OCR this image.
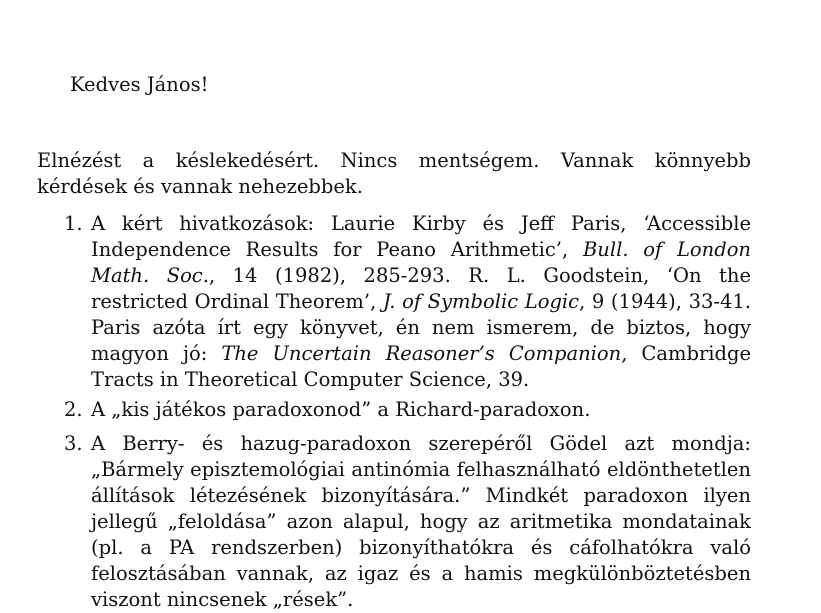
Kedves János!

Elnézést a késlekedésért. Nincs mentségem. Vannak könnyebb kérdések és vannak nehezebbek.

1. A kért hivatkozások: Laurie Kirby és Jeff Paris, ‘Accessible Independence Results for Peano Arithmetic’, Bull. of London Math. Soc., 14 (1982), 285-293. R. L. Goodstein, ‘On the restricted Ordinal Theorem’, J. of Symbolic Logic, 9 (1944), 33-41. Paris azóta írt egy könyvet, én nem ismerem, de biztos, hogy magyon jó: The Uncertain Reasoner’s Companion, Cambridge Tracts in Theoretical Computer Science, 39.
2. A „kis játékos paradoxonod” a Richard-paradoxon.
3. A Berry- és hazug-paradoxon szerepéről Gödel azt mondja: „Bármely episztemológiai antinómia felhasználható eldönthetetlen állítások létezésének bizonyítására.” Mindkét paradoxon ilyen jellegű „feloldása” azon alapul, hogy az aritmetika mondatainak (pl. a PA rendszerben) bizonyíthatókra és cáfolhatókra való felosztásában vannak, az igaz és a hamis megkülönböztetésben viszont nincsenek „rések”.
